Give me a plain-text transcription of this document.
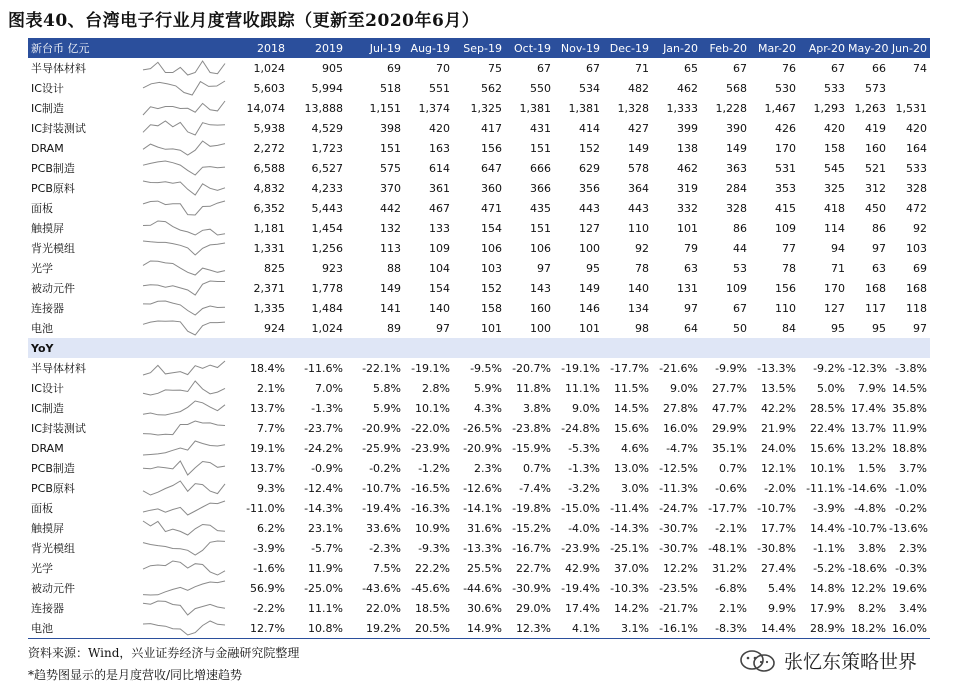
图表40、台湾电子行业月度营收跟踪（更新至2020年6月）
新台币 亿元		2018	2019	Jul-19	Aug-19	Sep-19	Oct-19	Nov-19	Dec-19	Jan-20	Feb-20	Mar-20	Apr-20	May-20	Jun-20
半导体材料		1,024	905	69	70	75	67	67	71	65	67	76	67	66	74
IC设计		5,603	5,994	518	551	562	550	534	482	462	568	530	533	573	
IC制造		14,074	13,888	1,151	1,374	1,325	1,381	1,381	1,328	1,333	1,228	1,467	1,293	1,263	1,531
IC封装测试		5,938	4,529	398	420	417	431	414	427	399	390	426	420	419	420
DRAM		2,272	1,723	151	163	156	151	152	149	138	149	170	158	160	164
PCB制造		6,588	6,527	575	614	647	666	629	578	462	363	531	545	521	533
PCB原料		4,832	4,233	370	361	360	366	356	364	319	284	353	325	312	328
面板		6,352	5,443	442	467	471	435	443	443	332	328	415	418	450	472
触摸屏		1,181	1,454	132	133	154	151	127	110	101	86	109	114	86	92
背光模组		1,331	1,256	113	109	106	106	100	92	79	44	77	94	97	103
光学		825	923	88	104	103	97	95	78	63	53	78	71	63	69
被动元件		2,371	1,778	149	154	152	143	149	140	131	109	156	170	168	168
连接器		1,335	1,484	141	140	158	160	146	134	97	67	110	127	117	118
电池		924	1,024	89	97	101	100	101	98	64	50	84	95	95	97
YoY															
半导体材料		18.4%	-11.6%	-22.1%	-19.1%	-9.5%	-20.7%	-19.1%	-17.7%	-21.6%	-9.9%	-13.3%	-9.2%	-12.3%	-3.8%
IC设计		2.1%	7.0%	5.8%	2.8%	5.9%	11.8%	11.1%	11.5%	9.0%	27.7%	13.5%	5.0%	7.9%	14.5%
IC制造		13.7%	-1.3%	5.9%	10.1%	4.3%	3.8%	9.0%	14.5%	27.8%	47.7%	42.2%	28.5%	17.4%	35.8%
IC封装测试		7.7%	-23.7%	-20.9%	-22.0%	-26.5%	-23.8%	-24.8%	15.6%	16.0%	29.9%	21.9%	22.4%	13.7%	11.9%
DRAM		19.1%	-24.2%	-25.9%	-23.9%	-20.9%	-15.9%	-5.3%	4.6%	-4.7%	35.1%	24.0%	15.6%	13.2%	18.8%
PCB制造		13.7%	-0.9%	-0.2%	-1.2%	2.3%	0.7%	-1.3%	13.0%	-12.5%	0.7%	12.1%	10.1%	1.5%	3.7%
PCB原料		9.3%	-12.4%	-10.7%	-16.5%	-12.6%	-7.4%	-3.2%	3.0%	-11.3%	-0.6%	-2.0%	-11.1%	-14.6%	-1.0%
面板		-11.0%	-14.3%	-19.4%	-16.3%	-14.1%	-19.8%	-15.0%	-11.4%	-24.7%	-17.7%	-10.7%	-3.9%	-4.8%	-0.2%
触摸屏		6.2%	23.1%	33.6%	10.9%	31.6%	-15.2%	-4.0%	-14.3%	-30.7%	-2.1%	17.7%	14.4%	-10.7%	-13.6%
背光模组		-3.9%	-5.7%	-2.3%	-9.3%	-13.3%	-16.7%	-23.9%	-25.1%	-30.7%	-48.1%	-30.8%	-1.1%	3.8%	2.3%
光学		-1.6%	11.9%	7.5%	22.2%	25.5%	22.7%	42.9%	37.0%	12.2%	31.2%	27.4%	-5.2%	-18.6%	-0.3%
被动元件		56.9%	-25.0%	-43.6%	-45.6%	-44.6%	-30.9%	-19.4%	-10.3%	-23.5%	-6.8%	5.4%	14.8%	12.2%	19.6%
连接器		-2.2%	11.1%	22.0%	18.5%	30.6%	29.0%	17.4%	14.2%	-21.7%	2.1%	9.9%	17.9%	8.2%	3.4%
电池		12.7%	10.8%	19.2%	20.5%	14.9%	12.3%	4.1%	3.1%	-16.1%	-8.3%	14.4%	28.9%	18.2%	16.0%
资料来源：Wind，兴业证券经济与金融研究院整理
*趋势图显示的是月度营收/同比增速趋势
张忆东策略世界
